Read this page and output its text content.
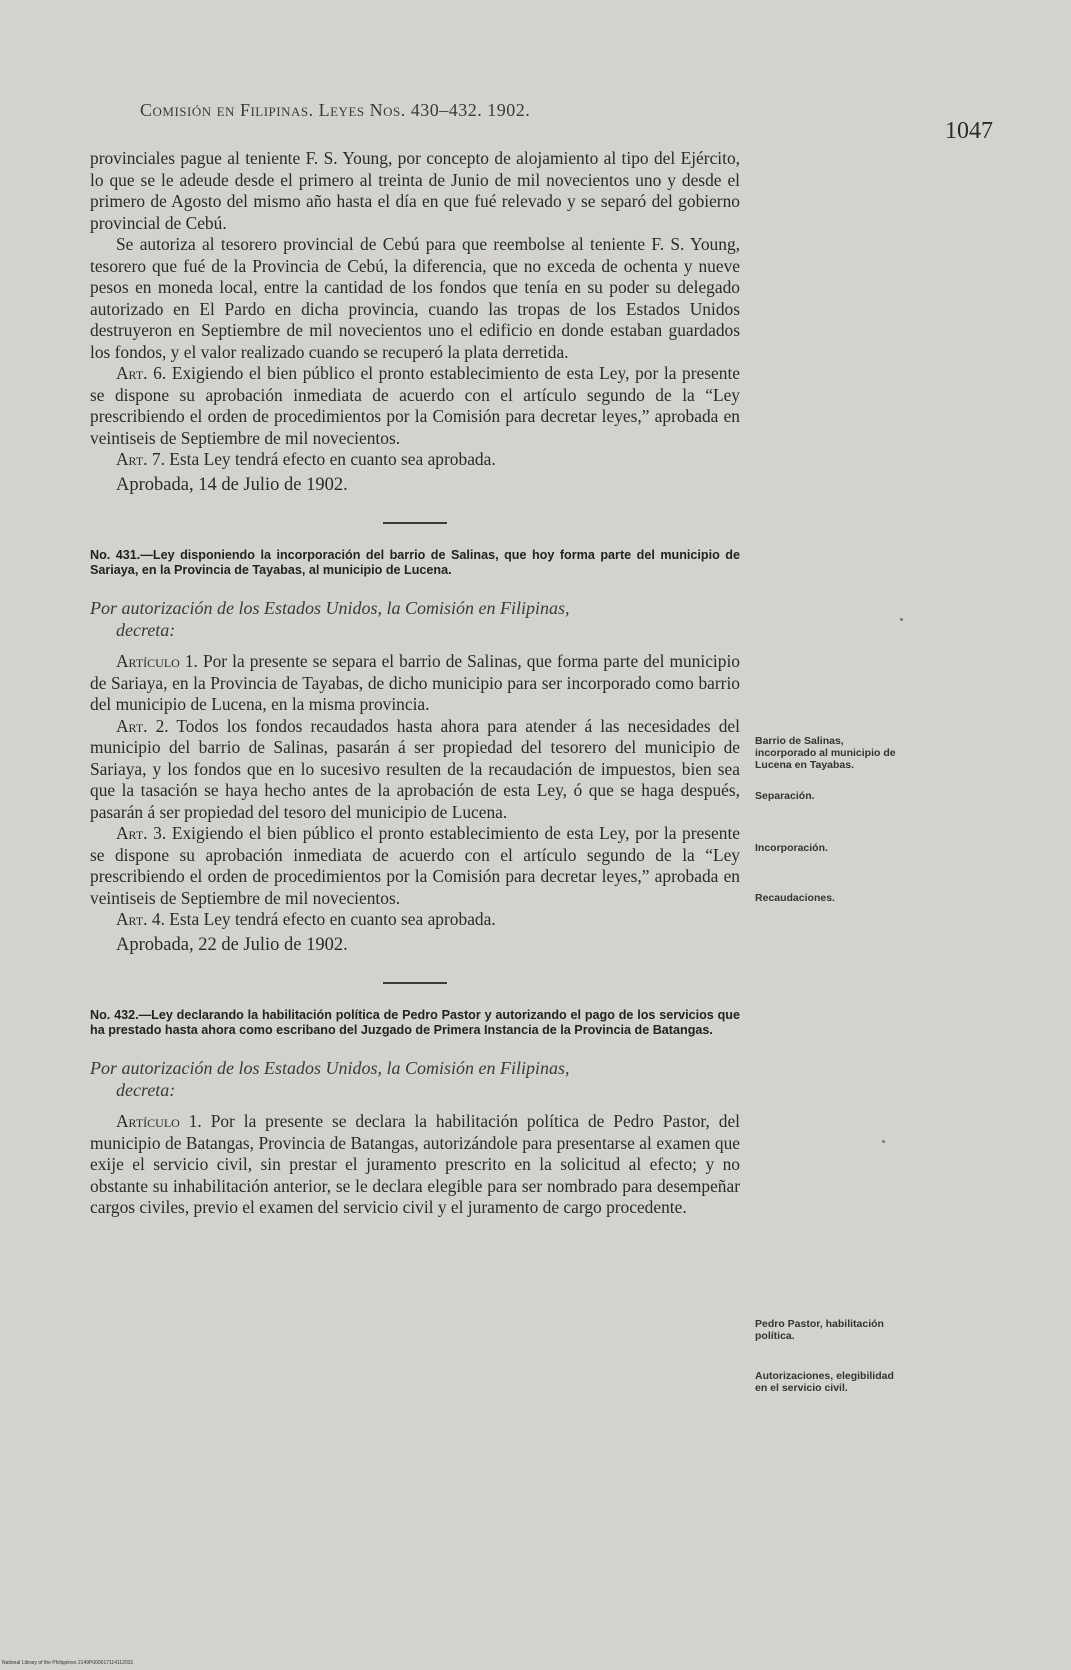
Comisión en Filipinas. Leyes Nos. 430–432. 1902.
1047

provinciales pague al teniente F. S. Young, por concepto de alojamiento al tipo del Ejército, lo que se le adeude desde el primero al treinta de Junio de mil novecientos uno y desde el primero de Agosto del mismo año hasta el día en que fué relevado y se separó del gobierno provincial de Cebú.

Se autoriza al tesorero provincial de Cebú para que reembolse al teniente F. S. Young, tesorero que fué de la Provincia de Cebú, la diferencia, que no exceda de ochenta y nueve pesos en moneda local, entre la cantidad de los fondos que tenía en su poder su delegado autorizado en El Pardo en dicha provincia, cuando las tropas de los Estados Unidos destruyeron en Septiembre de mil novecientos uno el edificio en donde estaban guardados los fondos, y el valor realizado cuando se recuperó la plata derretida.

Art. 6. Exigiendo el bien público el pronto establecimiento de esta Ley, por la presente se dispone su aprobación inmediata de acuerdo con el artículo segundo de la “Ley prescribiendo el orden de procedimientos por la Comisión para decretar leyes,” aprobada en veintiseis de Septiembre de mil novecientos.

Art. 7. Esta Ley tendrá efecto en cuanto sea aprobada.

Aprobada, 14 de Julio de 1902.

No. 431.—Ley disponiendo la incorporación del barrio de Salinas, que hoy forma parte del municipio de Sariaya, en la Provincia de Tayabas, al municipio de Lucena.
Por autorización de los Estados Unidos, la Comisión en Filipinas,
decreta:

Artículo 1. Por la presente se separa el barrio de Salinas, que forma parte del municipio de Sariaya, en la Provincia de Tayabas, de dicho municipio para ser incorporado como barrio del municipio de Lucena, en la misma provincia.

Art. 2. Todos los fondos recaudados hasta ahora para atender á las necesidades del municipio del barrio de Salinas, pasarán á ser propiedad del tesorero del municipio de Sariaya, y los fondos que en lo sucesivo resulten de la recaudación de impuestos, bien sea que la tasación se haya hecho antes de la aprobación de esta Ley, ó que se haga después, pasarán á ser propiedad del tesoro del municipio de Lucena.

Art. 3. Exigiendo el bien público el pronto establecimiento de esta Ley, por la presente se dispone su aprobación inmediata de acuerdo con el artículo segundo de la “Ley prescribiendo el orden de procedimientos por la Comisión para decretar leyes,” aprobada en veintiseis de Septiembre de mil novecientos.

Art. 4. Esta Ley tendrá efecto en cuanto sea aprobada.

Aprobada, 22 de Julio de 1902.

No. 432.—Ley declarando la habilitación política de Pedro Pastor y autorizando el pago de los servicios que ha prestado hasta ahora como escribano del Juzgado de Primera Instancia de la Provincia de Batangas.
Por autorización de los Estados Unidos, la Comisión en Filipinas,
decreta:

Artículo 1. Por la presente se declara la habilitación política de Pedro Pastor, del municipio de Batangas, Provincia de Batangas, autorizándole para presentarse al examen que exije el servicio civil, sin prestar el juramento prescrito en la solicitud al efecto; y no obstante su inhabilitación anterior, se le declara elegible para ser nombrado para desempeñar cargos civiles, previo el examen del servicio civil y el juramento de cargo procedente.

Barrio de Salinas, incorporado al municipio de Lucena en Tayabas.
Separación.
Incorporación.
Recaudaciones.
Pedro Pastor, habilitación política.
Autorizaciones, elegibilidad en el servicio civil.
National Library of the Philippines 2149P000017114112031
